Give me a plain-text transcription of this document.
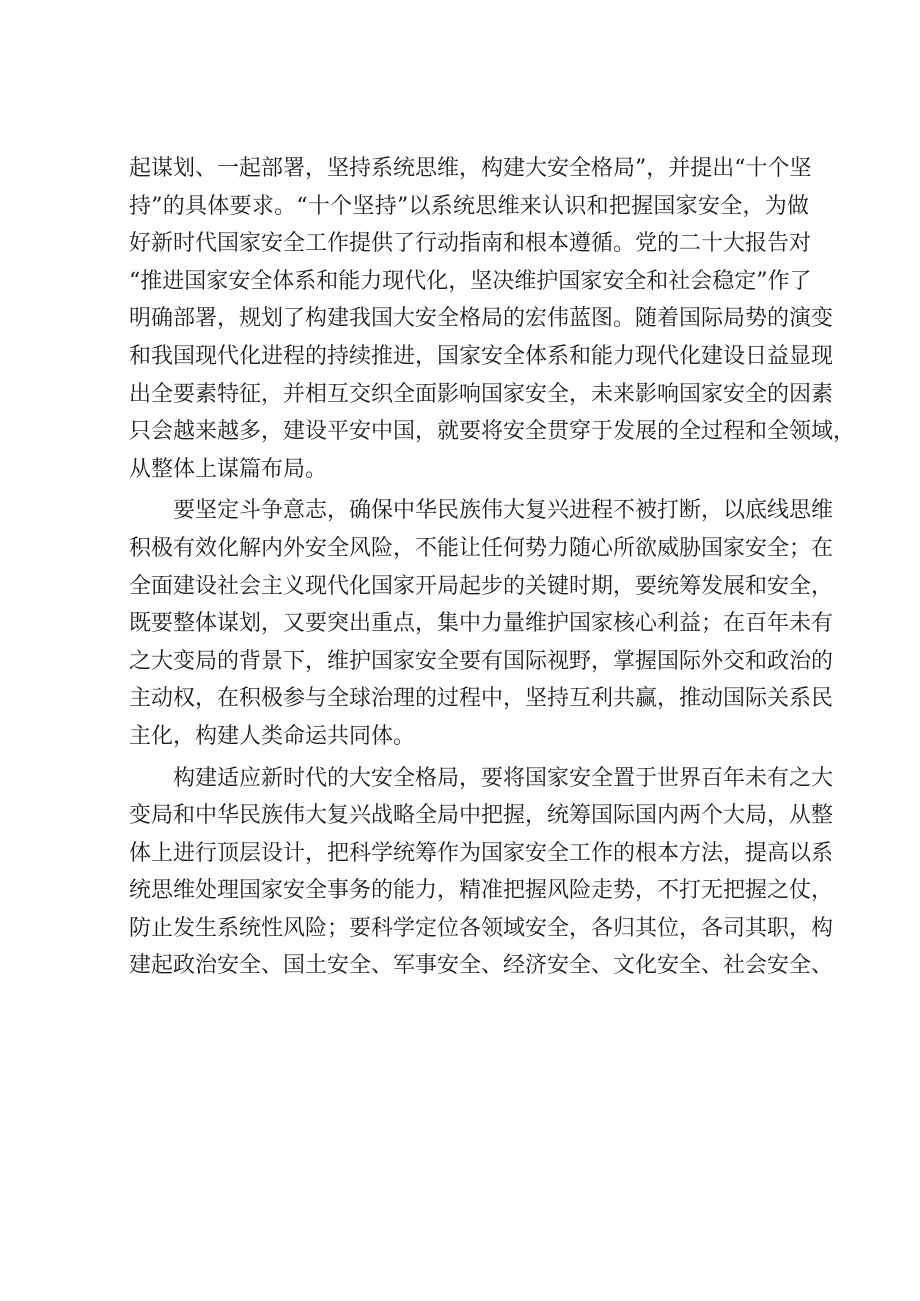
起谋划、一起部署，坚持系统思维，构建大安全格局”，并提出“十个坚
持”的具体要求。“十个坚持”以系统思维来认识和把握国家安全，为做
好新时代国家安全工作提供了行动指南和根本遵循。党的二十大报告对
“推进国家安全体系和能力现代化，坚决维护国家安全和社会稳定”作了
明确部署，规划了构建我国大安全格局的宏伟蓝图。随着国际局势的演变
和我国现代化进程的持续推进，国家安全体系和能力现代化建设日益显现
出全要素特征，并相互交织全面影响国家安全，未来影响国家安全的因素
只会越来越多，建设平安中国，就要将安全贯穿于发展的全过程和全领域，
从整体上谋篇布局。
　　要坚定斗争意志，确保中华民族伟大复兴进程不被打断，以底线思维
积极有效化解内外安全风险，不能让任何势力随心所欲威胁国家安全；在
全面建设社会主义现代化国家开局起步的关键时期，要统筹发展和安全，
既要整体谋划，又要突出重点，集中力量维护国家核心利益；在百年未有
之大变局的背景下，维护国家安全要有国际视野，掌握国际外交和政治的
主动权，在积极参与全球治理的过程中，坚持互利共赢，推动国际关系民
主化，构建人类命运共同体。
　　构建适应新时代的大安全格局，要将国家安全置于世界百年未有之大
变局和中华民族伟大复兴战略全局中把握，统筹国际国内两个大局，从整
体上进行顶层设计，把科学统筹作为国家安全工作的根本方法，提高以系
统思维处理国家安全事务的能力，精准把握风险走势，不打无把握之仗，
防止发生系统性风险；要科学定位各领域安全，各归其位，各司其职，构
建起政治安全、国土安全、军事安全、经济安全、文化安全、社会安全、
